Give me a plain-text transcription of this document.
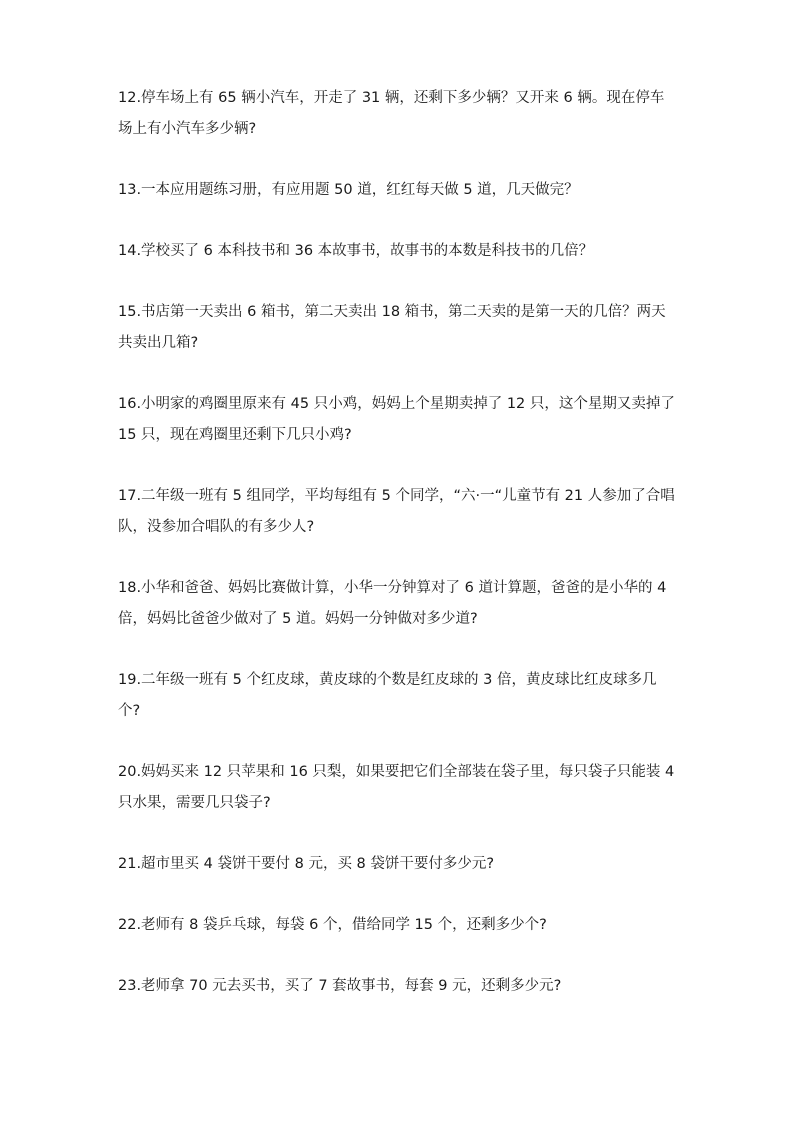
12.停车场上有 65 辆小汽车，开走了 31 辆，还剩下多少辆？又开来 6 辆。现在停车场上有小汽车多少辆?
13.一本应用题练习册，有应用题 50 道，红红每天做 5 道，几天做完？
14.学校买了 6 本科技书和 36 本故事书，故事书的本数是科技书的几倍？
15.书店第一天卖出 6 箱书，第二天卖出 18 箱书，第二天卖的是第一天的几倍？两天共卖出几箱?
16.小明家的鸡圈里原来有 45 只小鸡，妈妈上个星期卖掉了 12 只，这个星期又卖掉了 15 只，现在鸡圈里还剩下几只小鸡?
17.二年级一班有 5 组同学，平均每组有 5 个同学，“六·一“儿童节有 21 人参加了合唱队，没参加合唱队的有多少人?
18.小华和爸爸、妈妈比赛做计算，小华一分钟算对了 6 道计算题，爸爸的是小华的 4 倍，妈妈比爸爸少做对了 5 道。妈妈一分钟做对多少道?
19.二年级一班有 5 个红皮球，黄皮球的个数是红皮球的 3 倍，黄皮球比红皮球多几个?
20.妈妈买来 12 只苹果和 16 只梨，如果要把它们全部装在袋子里，每只袋子只能装 4 只水果，需要几只袋子?
21.超市里买 4 袋饼干要付 8 元，买 8 袋饼干要付多少元?
22.老师有 8 袋乒乓球，每袋 6 个，借给同学 15 个，还剩多少个?
23.老师拿 70 元去买书，买了 7 套故事书，每套 9 元，还剩多少元?
